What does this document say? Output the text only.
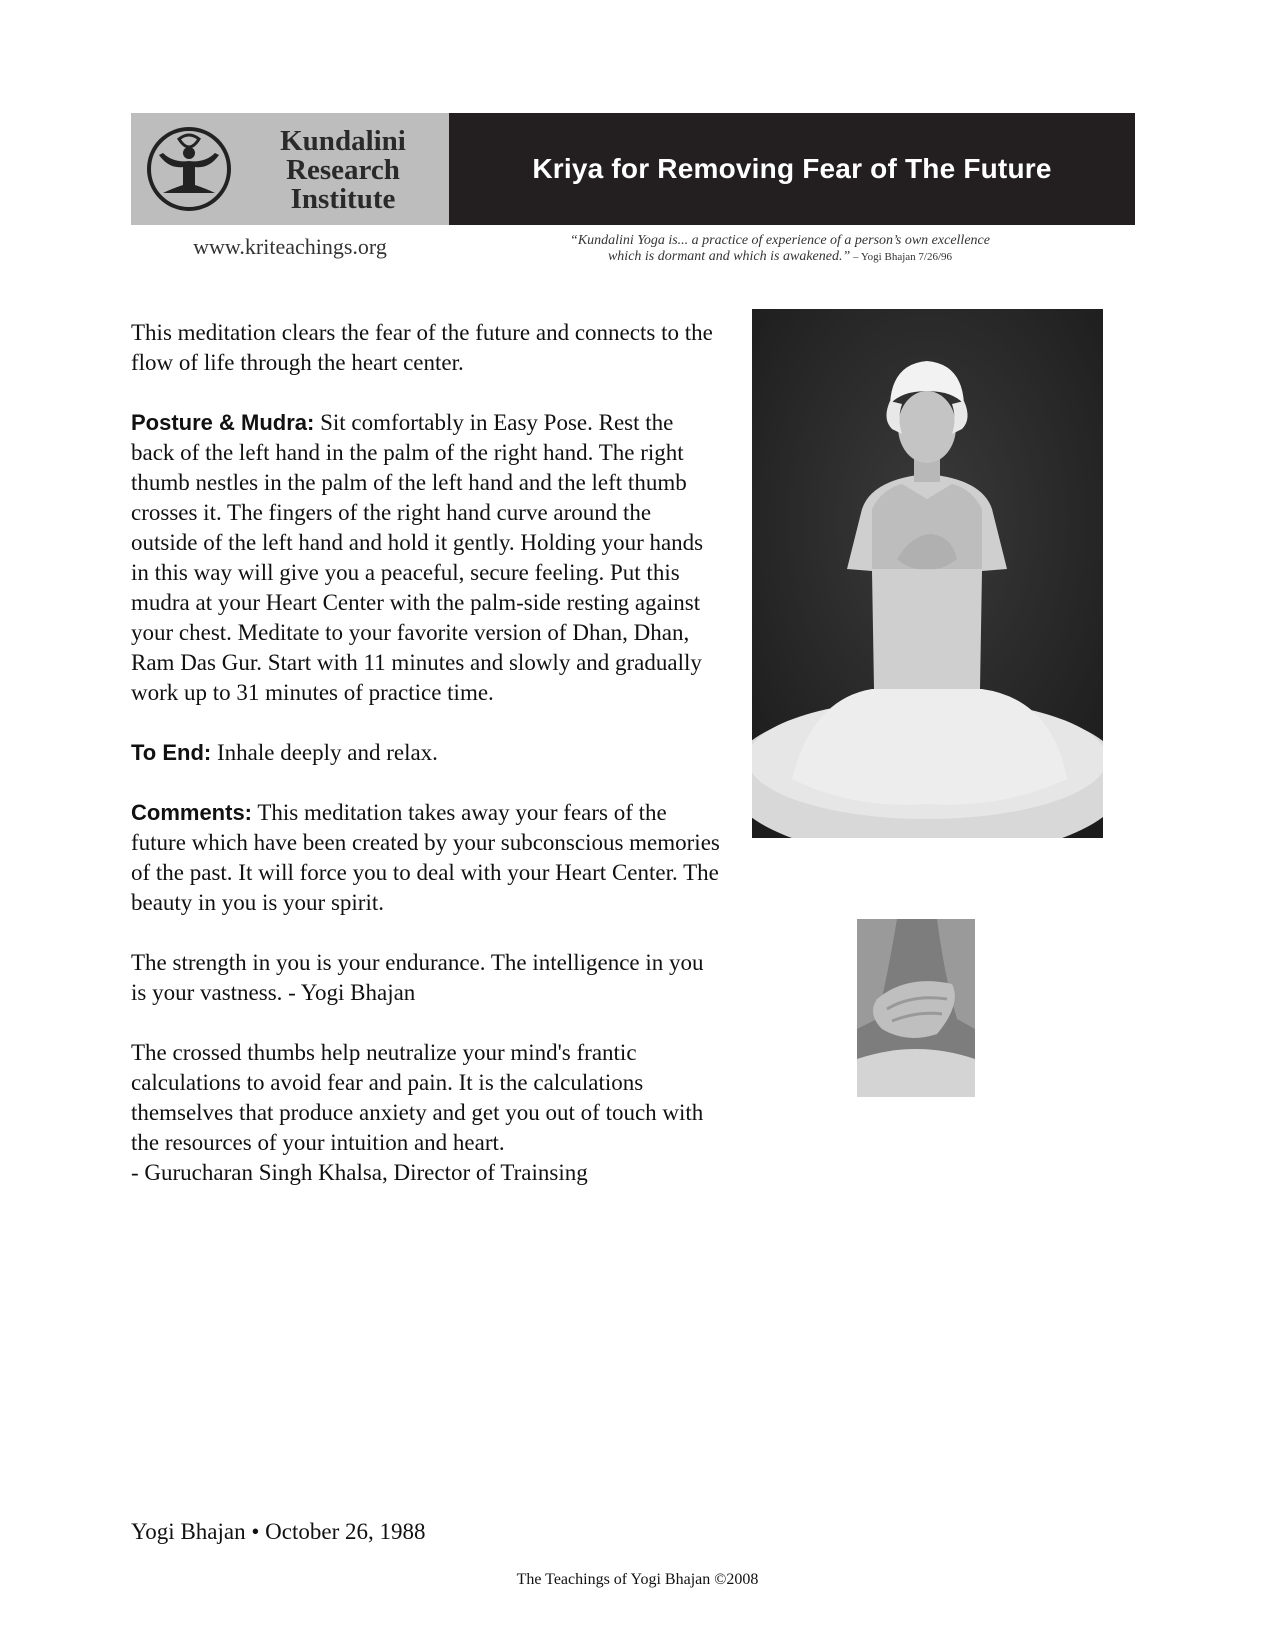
Kundalini
Research
Institute
Kriya for Removing Fear of The Future
www.kriteachings.org	“Kundalini Yoga is... a practice of experience of a person’s own excellence
which is dormant and which is awakened.” – Yogi Bhajan 7/26/96

This meditation clears the fear of the future and connects to the flow of life through the heart center.

Posture & Mudra: Sit comfortably in Easy Pose. Rest the back of the left hand in the palm of the right hand. The right thumb nestles in the palm of the left hand and the left thumb crosses it. The fingers of the right hand curve around the outside of the left hand and hold it gently. Holding your hands in this way will give you a peaceful, secure feeling. Put this mudra at your Heart Center with the palm-side resting against your chest. Meditate to your favorite version of Dhan, Dhan, Ram Das Gur. Start with 11 minutes and slowly and gradually work up to 31 minutes of practice time.

To End: Inhale deeply and relax.

Comments: This meditation takes away your fears of the future which have been created by your subconscious memories of the past. It will force you to deal with your Heart Center. The beauty in you is your spirit.

The strength in you is your endurance. The intelligence in you is your vastness. - Yogi Bhajan

The crossed thumbs help neutralize your mind's frantic calculations to avoid fear and pain. It is the calculations themselves that produce anxiety and get you out of touch with the resources of your intuition and heart.
- Gurucharan Singh Khalsa, Director of Trainsing

Yogi Bhajan • October 26, 1988
The Teachings of Yogi Bhajan ©2008
